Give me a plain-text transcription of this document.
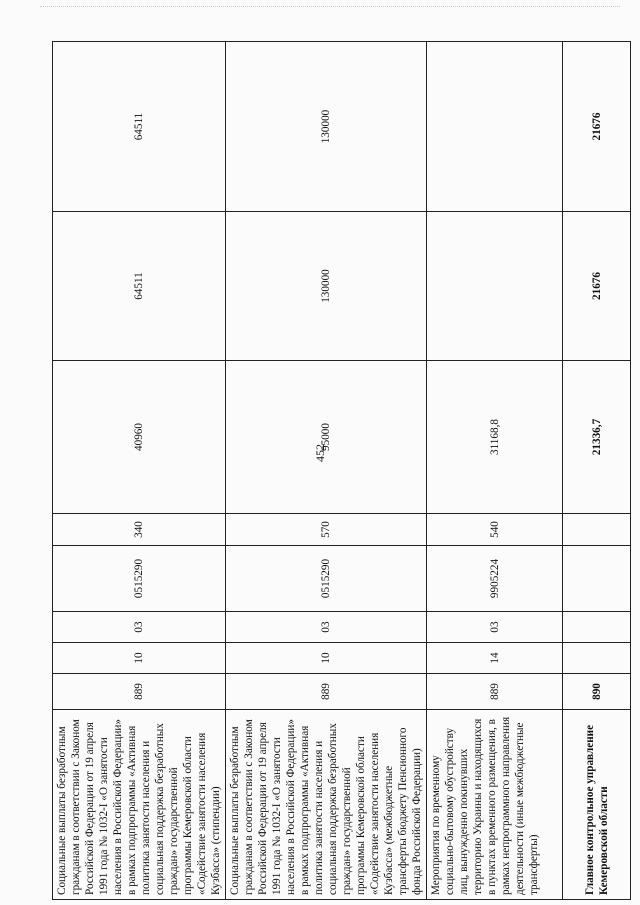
452
Социальные выплаты безработным гражданам в соответствии с Законом Российской Федерации от 19 апреля 1991 года № 1032-I «О занятости населения в Российской Федерации» в рамках подпрограммы «Активная политика занятости населения и социальная поддержка безработных граждан» государственной программы Кемеровской области «Содействие занятости населения Кузбасса» (стипендии)	889	10	03	0515290	340	40960	64511	64511
Социальные выплаты безработным гражданам в соответствии с Законом Российской Федерации от 19 апреля 1991 года № 1032-I «О занятости населения в Российской Федерации» в рамках подпрограммы «Активная политика занятости населения и социальная поддержка безработных граждан» государственной программы Кемеровской области «Содействие занятости населения Кузбасса» (межбюджетные трансферты бюджету Пенсионного фонда Российской Федерации)	889	10	03	0515290	570	95000	130000	130000
Мероприятия по временному социально-бытовому обустройству лиц, вынужденно покинувших территорию Украины и находящихся в пунктах временного размещения, в рамках непрограммного направления деятельности (иные межбюджетные трансферты)	889	14	03	9905224	540	31168,8		
Главное контрольное управление Кемеровской области	890					21336,7	21676	21676
